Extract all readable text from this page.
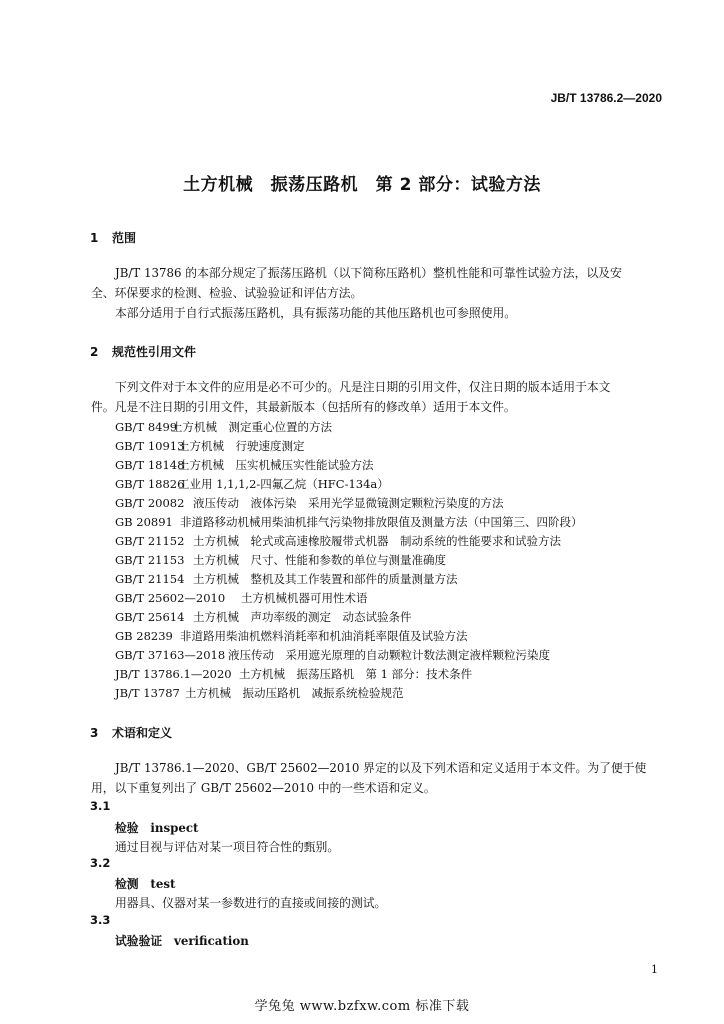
JB/T 13786.2—2020
土方机械　振荡压路机　第 2 部分：试验方法
1 范围
JB/T 13786 的本部分规定了振荡压路机（以下简称压路机）整机性能和可靠性试验方法，以及安
全、环保要求的检测、检验、试验验证和评估方法。
本部分适用于自行式振荡压路机，具有振荡功能的其他压路机也可参照使用。
2 规范性引用文件
下列文件对于本文件的应用是必不可少的。凡是注日期的引用文件，仅注日期的版本适用于本文
件。凡是不注日期的引用文件，其最新版本（包括所有的修改单）适用于本文件。
GB/T 8499土方机械　测定重心位置的方法
GB/T 10913土方机械　行驶速度测定
GB/T 18148土方机械　压实机械压实性能试验方法
GB/T 18826工业用 1,1,1,2-四氟乙烷（HFC-134a）
GB/T 20082 液压传动　液体污染　采用光学显微镜测定颗粒污染度的方法
GB 20891 非道路移动机械用柴油机排气污染物排放限值及测量方法（中国第三、四阶段）
GB/T 21152 土方机械　轮式或高速橡胶履带式机器　制动系统的性能要求和试验方法
GB/T 21153 土方机械　尺寸、性能和参数的单位与测量准确度
GB/T 21154 土方机械　整机及其工作装置和部件的质量测量方法
GB/T 25602—2010 土方机械机器可用性术语
GB/T 25614 土方机械　声功率级的测定　动态试验条件
GB 28239 非道路用柴油机燃料消耗率和机油消耗率限值及试验方法
GB/T 37163—2018 液压传动　采用遮光原理的自动颗粒计数法测定液样颗粒污染度
JB/T 13786.1—2020 土方机械　振荡压路机　第 1 部分：技术条件
JB/T 13787 土方机械　振动压路机　减振系统检验规范
3 术语和定义
JB/T 13786.1—2020、GB/T 25602—2010 界定的以及下列术语和定义适用于本文件。为了便于使
用，以下重复列出了 GB/T 25602—2010 中的一些术语和定义。
3.1
检验　inspect
通过目视与评估对某一项目符合性的甄别。
3.2
检测　test
用器具、仪器对某一参数进行的直接或间接的测试。
3.3
试验验证　verification
1
学兔兔 www.bzfxw.com 标准下载
